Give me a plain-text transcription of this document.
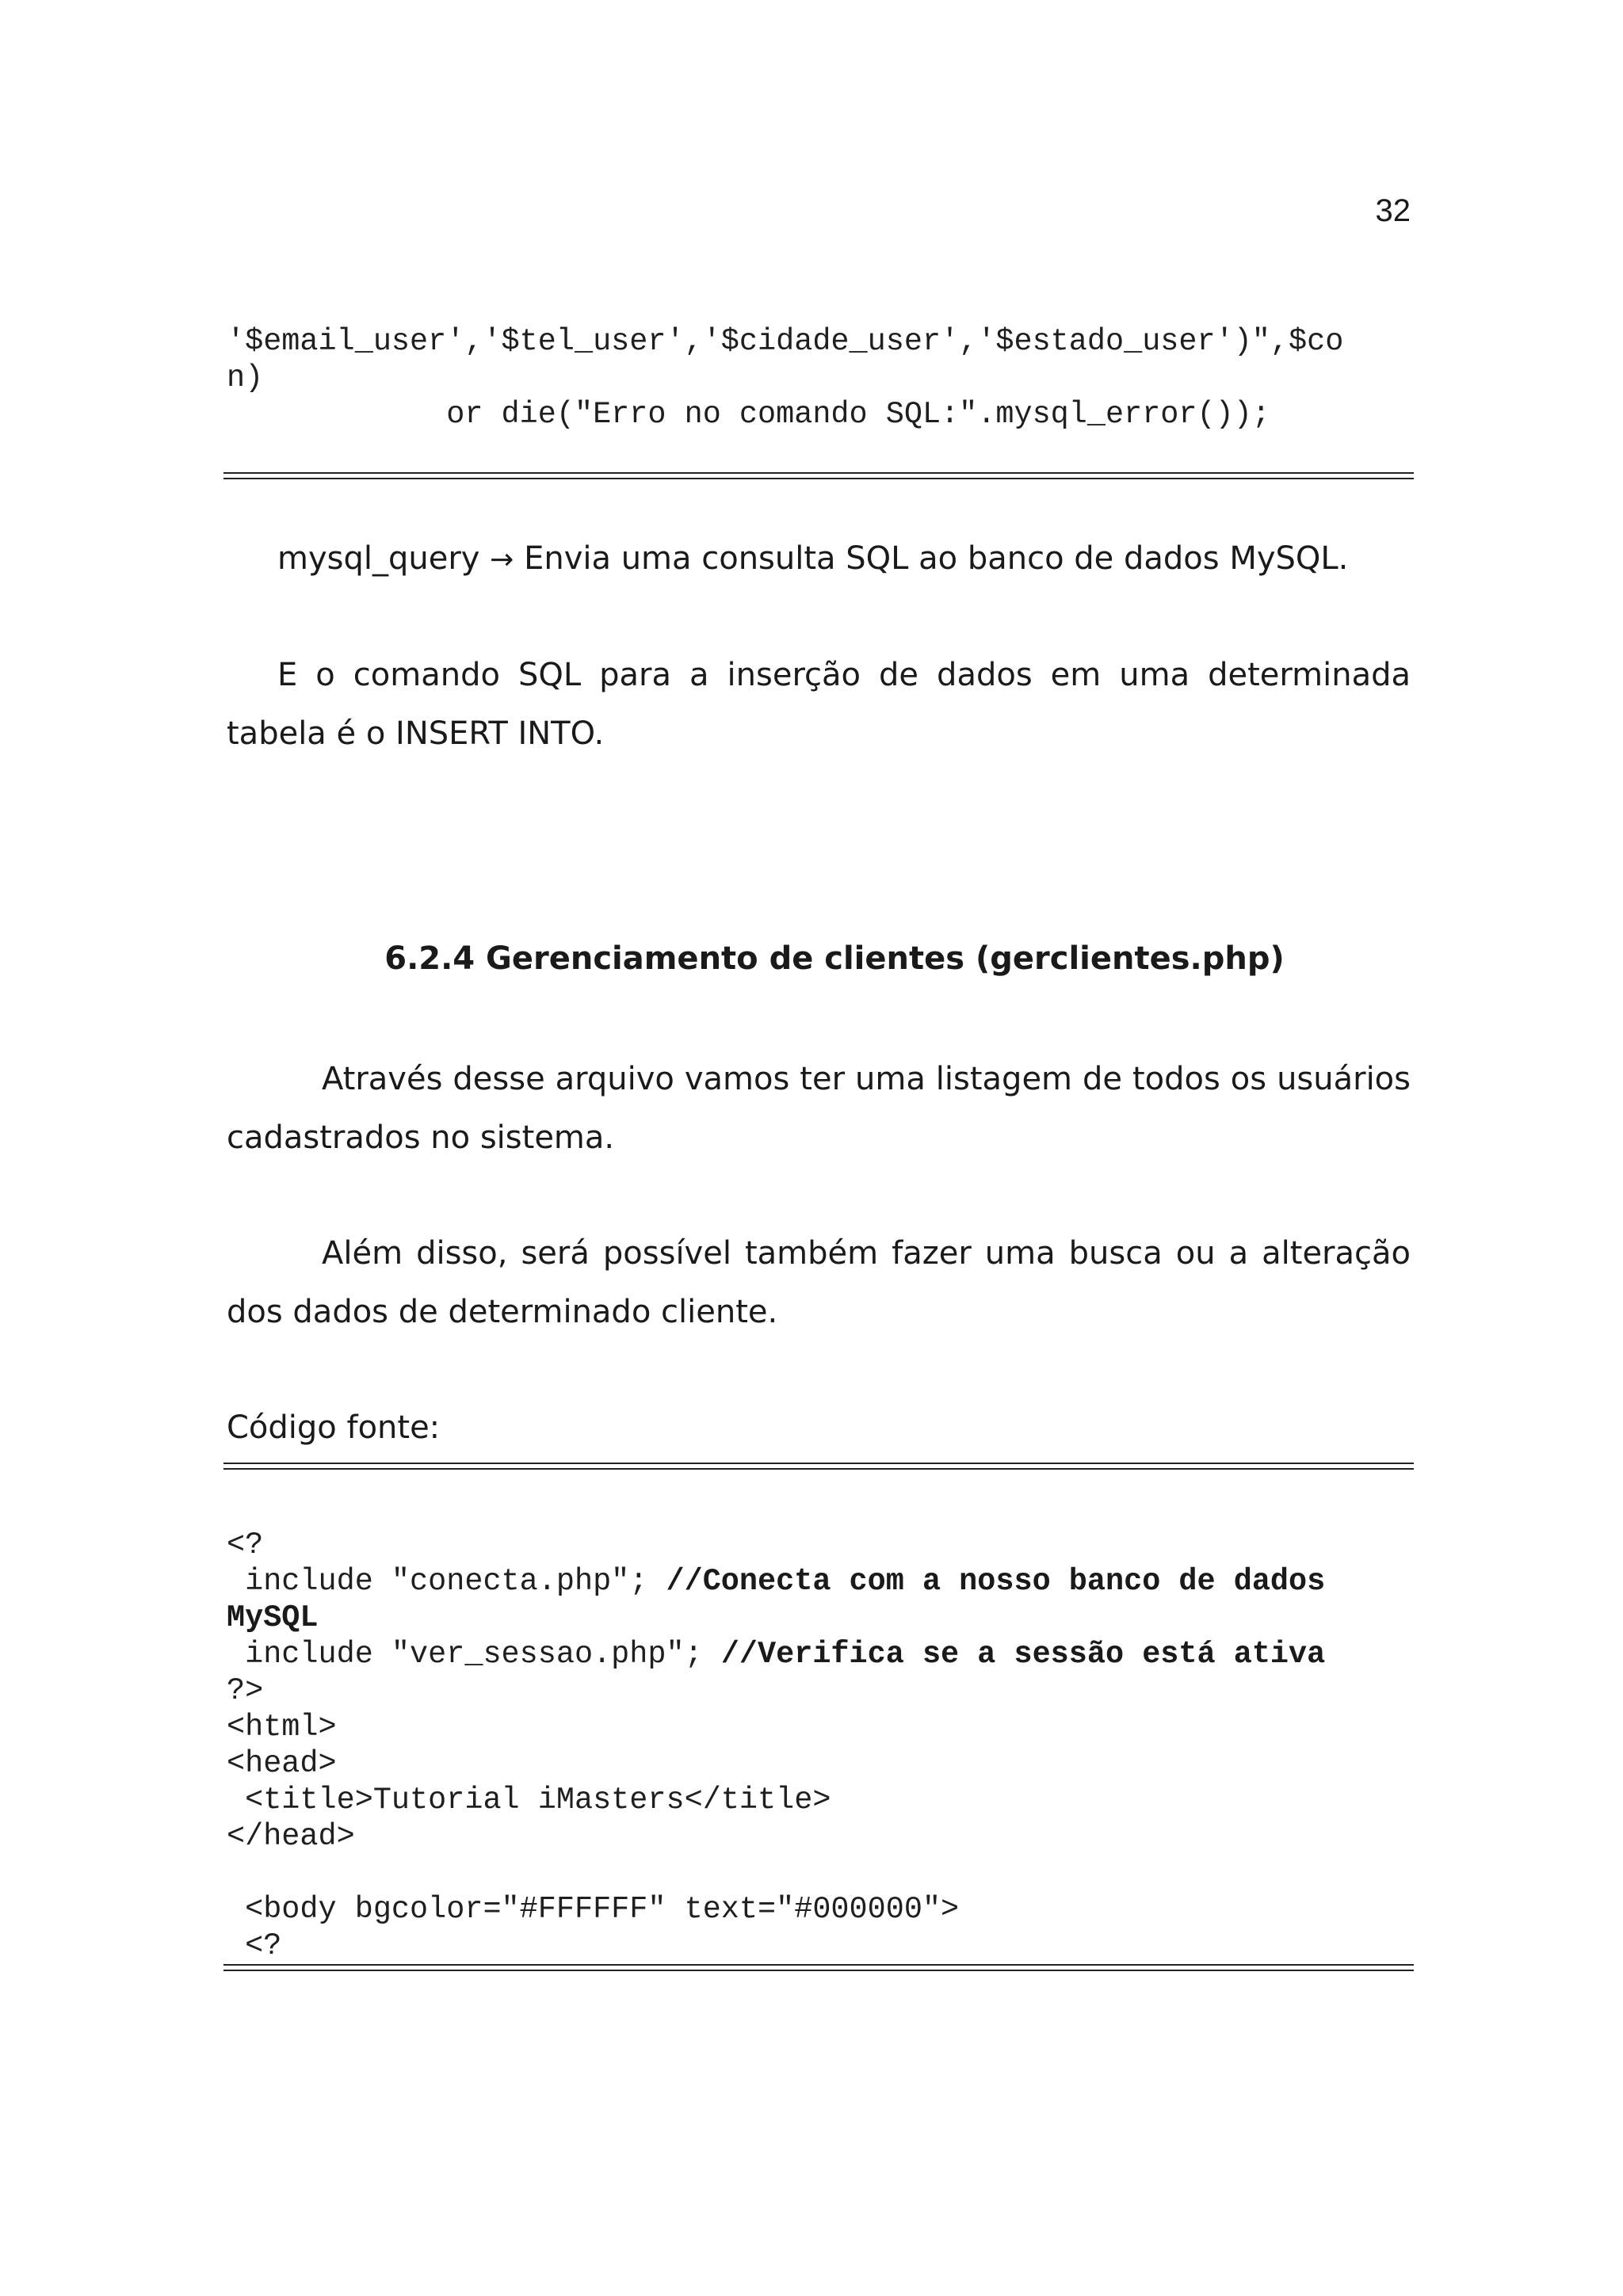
32
'$email_user','$tel_user','$cidade_user','$estado_user')",$co
n)
or die("Erro no comando SQL:".mysql_error());

mysql_query → Envia uma consulta SQL ao banco de dados MySQL.

E o comando SQL para a inserção de dados em uma determinada tabela é o INSERT INTO.

6.2.4 Gerenciamento de clientes (gerclientes.php)

Através desse arquivo vamos ter uma listagem de todos os usuários cadastrados no sistema.

Além disso, será possível também fazer uma busca ou a alteração dos dados de determinado cliente.

Código fonte:

<?
include "conecta.php"; //Conecta com a nosso banco de dados
MySQL
include "ver_sessao.php"; //Verifica se a sessão está ativa
?>
<html>
<head>
<title>Tutorial iMasters</title>
</head>

<body bgcolor="#FFFFFF" text="#000000">
<?
